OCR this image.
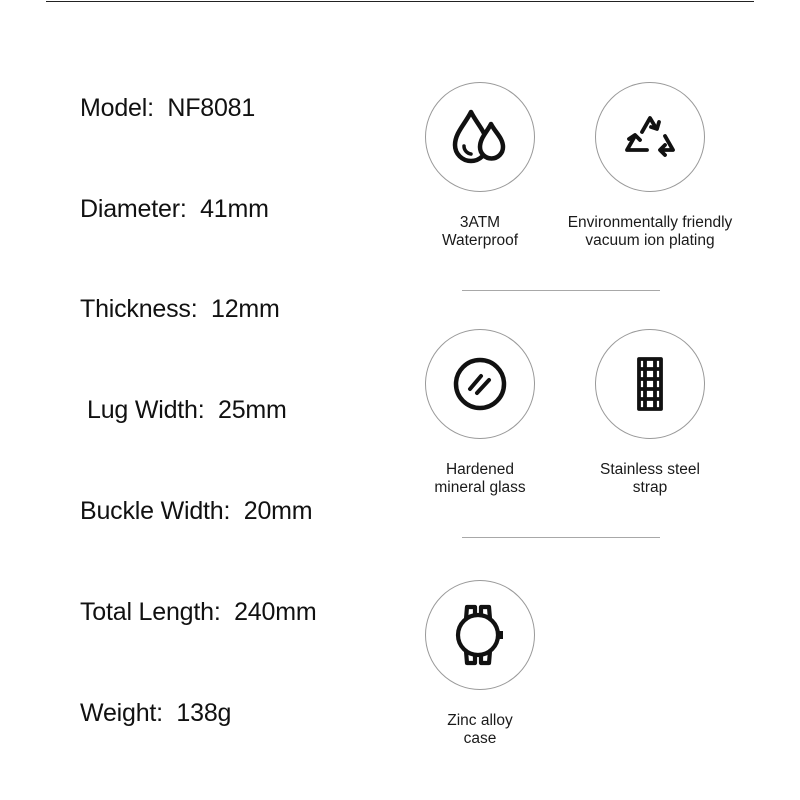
Model: NF8081
Diameter: 41mm
Thickness: 12mm
Lug Width: 25mm
Buckle Width: 20mm
Total Length: 240mm
Weight: 138g
3ATM
Waterproof
Environmentally friendly
vacuum ion plating
Hardened
mineral glass
Stainless steel
strap
Zinc alloy
case
